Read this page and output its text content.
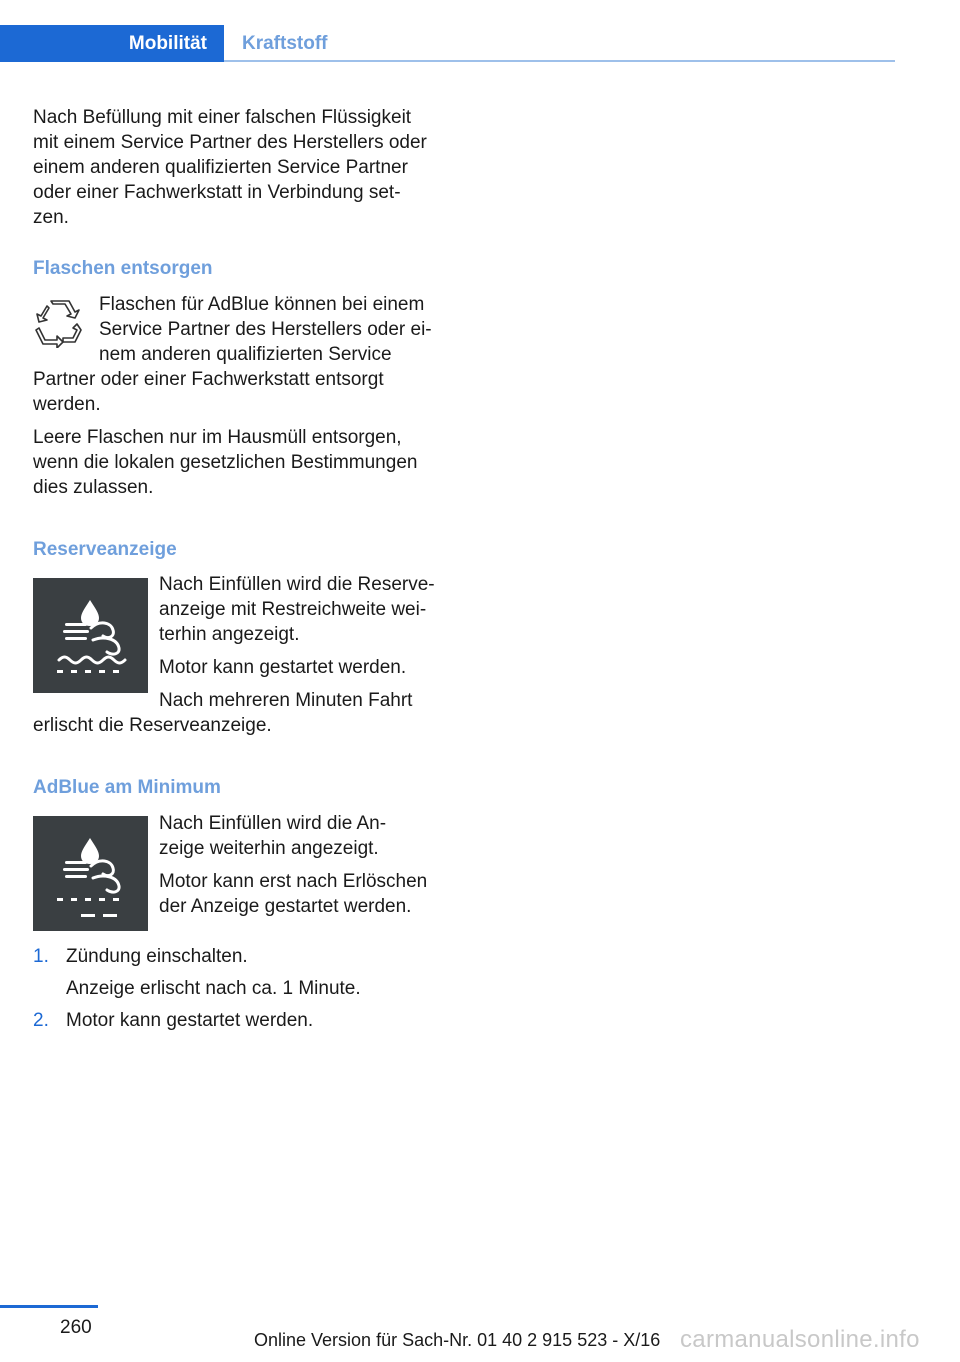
Mobilität	Kraftstoff

Nach Befüllung mit einer falschen Flüssigkeit

mit einem Service Partner des Herstellers oder

einem anderen qualifizierten Service Partner

oder einer Fachwerkstatt in Verbindung set‐

zen.

Flaschen entsorgen

Flaschen für AdBlue können bei einem

Service Partner des Herstellers oder ei‐

nem anderen qualifizierten Service

Partner oder einer Fachwerkstatt entsorgt

werden.

Leere Flaschen nur im Hausmüll entsorgen,

wenn die lokalen gesetzlichen Bestimmungen

dies zulassen.

Reserveanzeige

Nach Einfüllen wird die Reserve‐

anzeige mit Restreichweite wei‐

terhin angezeigt.

Motor kann gestartet werden.

Nach mehreren Minuten Fahrt

erlischt die Reserveanzeige.

AdBlue am Minimum

Nach Einfüllen wird die An‐

zeige weiterhin angezeigt.

Motor kann erst nach Erlöschen

der Anzeige gestartet werden.

1. Zündung einschalten.
Anzeige erlischt nach ca. 1 Minute.
2. Motor kann gestartet werden.
260
Online Version für Sach-Nr. 01 40 2 915 523 - X/16 carmanualsonline.info
